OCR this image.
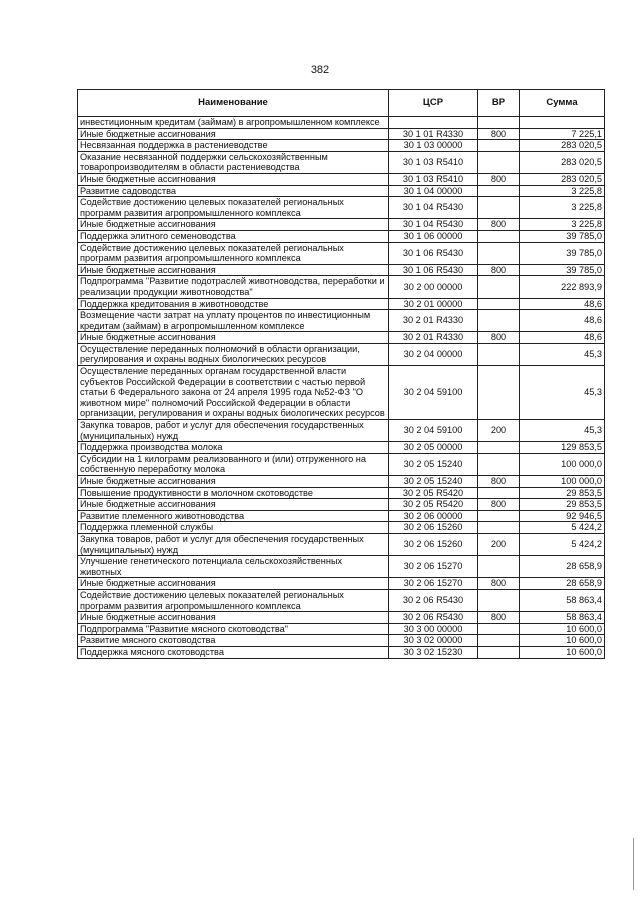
382
Наименование	ЦСР	ВР	Сумма
инвестиционным кредитам (займам) в агропромышленном комплексе			
Иные бюджетные ассигнования	30 1 01 R4330	800	7 225,1
Несвязанная поддержка в растениеводстве	30 1 03 00000		283 020,5
Оказание несвязанной поддержки сельскохозяйственным товаропроизводителям в области растениеводства	30 1 03 R5410		283 020,5
Иные бюджетные ассигнования	30 1 03 R5410	800	283 020,5
Развитие садоводства	30 1 04 00000		3 225,8
Содействие достижению целевых показателей региональных программ развития агропромышленного комплекса	30 1 04 R5430		3 225,8
Иные бюджетные ассигнования	30 1 04 R5430	800	3 225,8
Поддержка элитного семеноводства	30 1 06 00000		39 785,0
Содействие достижению целевых показателей региональных программ развития агропромышленного комплекса	30 1 06 R5430		39 785,0
Иные бюджетные ассигнования	30 1 06 R5430	800	39 785,0
Подпрограмма "Развитие подотраслей животноводства, переработки и реализации продукции животноводства"	30 2 00 00000		222 893,9
Поддержка кредитования в животноводстве	30 2 01 00000		48,6
Возмещение части затрат на уплату процентов по инвестиционным кредитам (займам) в агропромышленном комплексе	30 2 01 R4330		48,6
Иные бюджетные ассигнования	30 2 01 R4330	800	48,6
Осуществление переданных полномочий в области организации, регулирования и охраны водных биологических ресурсов	30 2 04 00000		45,3
Осуществление переданных органам государственной власти субъектов Российской Федерации в соответствии с частью первой статьи 6 Федерального закона от 24 апреля 1995 года №52-ФЗ "О животном мире" полномочий Российской Федерации в области организации, регулирования и охраны водных биологических ресурсов	30 2 04 59100		45,3
Закупка товаров, работ и услуг для обеспечения государственных (муниципальных) нужд	30 2 04 59100	200	45,3
Поддержка производства молока	30 2 05 00000		129 853,5
Субсидии на 1 килограмм реализованного и (или) отгруженного на собственную переработку молока	30 2 05 15240		100 000,0
Иные бюджетные ассигнования	30 2 05 15240	800	100 000,0
Повышение продуктивности в молочном скотоводстве	30 2 05 R5420		29 853,5
Иные бюджетные ассигнования	30 2 05 R5420	800	29 853,5
Развитие племенного животноводства	30 2 06 00000		92 946,5
Поддержка племенной службы	30 2 06 15260		5 424,2
Закупка товаров, работ и услуг для обеспечения государственных (муниципальных) нужд	30 2 06 15260	200	5 424,2
Улучшение генетического потенциала сельскохозяйственных животных	30 2 06 15270		28 658,9
Иные бюджетные ассигнования	30 2 06 15270	800	28 658,9
Содействие достижению целевых показателей региональных программ развития агропромышленного комплекса	30 2 06 R5430		58 863,4
Иные бюджетные ассигнования	30 2 06 R5430	800	58 863,4
Подпрограмма "Развитие мясного скотоводства"	30 3 00 00000		10 600,0
Развитие мясного скотоводства	30 3 02 00000		10 600,0
Поддержка мясного скотоводства	30 3 02 15230		10 600,0
